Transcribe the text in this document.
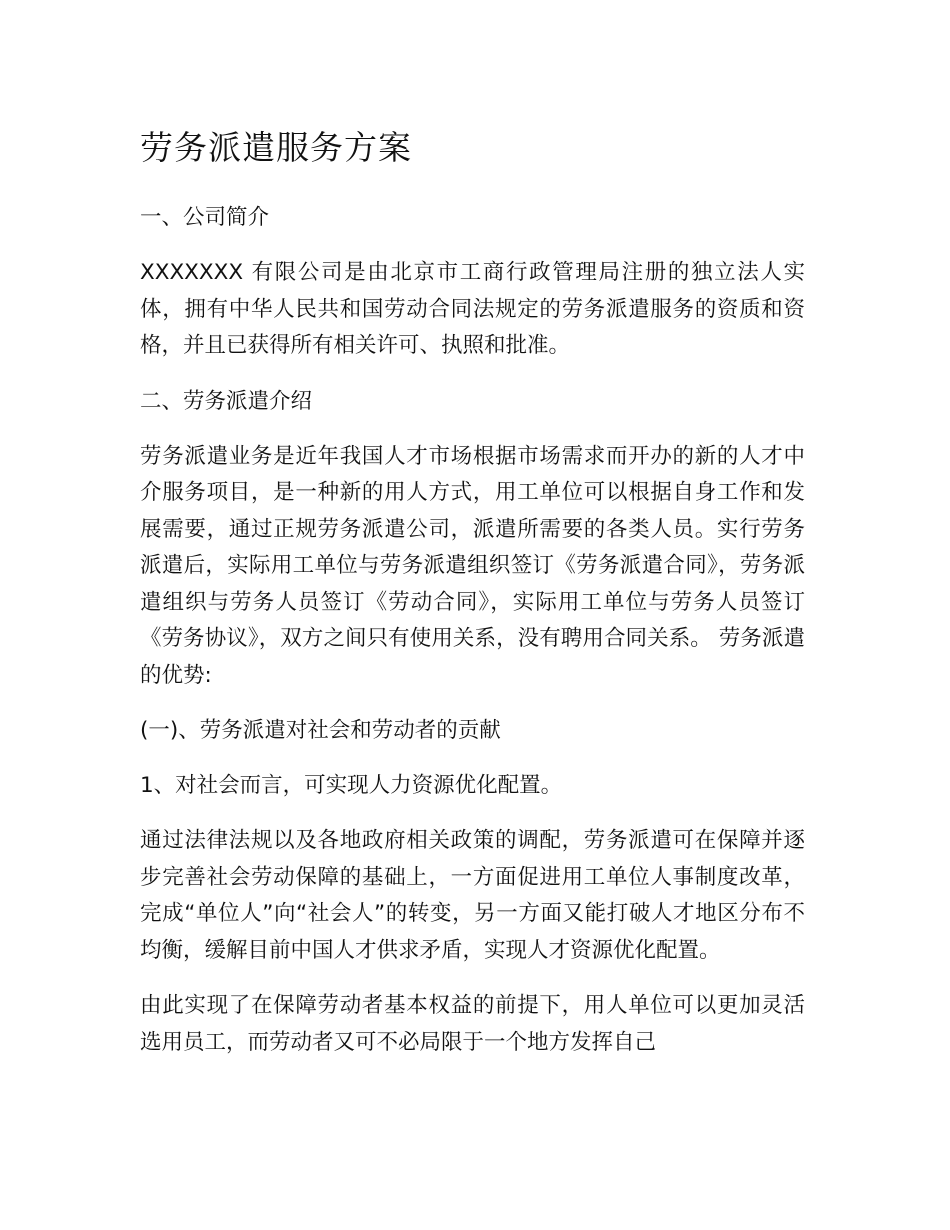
劳务派遣服务方案

一、公司简介

XXXXXXX 有限公司是由北京市工商行政管理局注册的独立法人实体，拥有中华人民共和国劳动合同法规定的劳务派遣服务的资质和资格，并且已获得所有相关许可、执照和批准。

二、劳务派遣介绍

劳务派遣业务是近年我国人才市场根据市场需求而开办的新的人才中介服务项目，是一种新的用人方式，用工单位可以根据自身工作和发展需要，通过正规劳务派遣公司，派遣所需要的各类人员。实行劳务派遣后，实际用工单位与劳务派遣组织签订《劳务派遣合同》，劳务派遣组织与劳务人员签订《劳动合同》，实际用工单位与劳务人员签订《劳务协议》，双方之间只有使用关系，没有聘用合同关系。 劳务派遣的优势:

(一)、劳务派遣对社会和劳动者的贡献

1、对社会而言，可实现人力资源优化配置。

通过法律法规以及各地政府相关政策的调配，劳务派遣可在保障并逐步完善社会劳动保障的基础上，一方面促进用工单位人事制度改革，完成“单位人”向“社会人”的转变，另一方面又能打破人才地区分布不均衡，缓解目前中国人才供求矛盾，实现人才资源优化配置。

由此实现了在保障劳动者基本权益的前提下，用人单位可以更加灵活选用员工，而劳动者又可不必局限于一个地方发挥自己
